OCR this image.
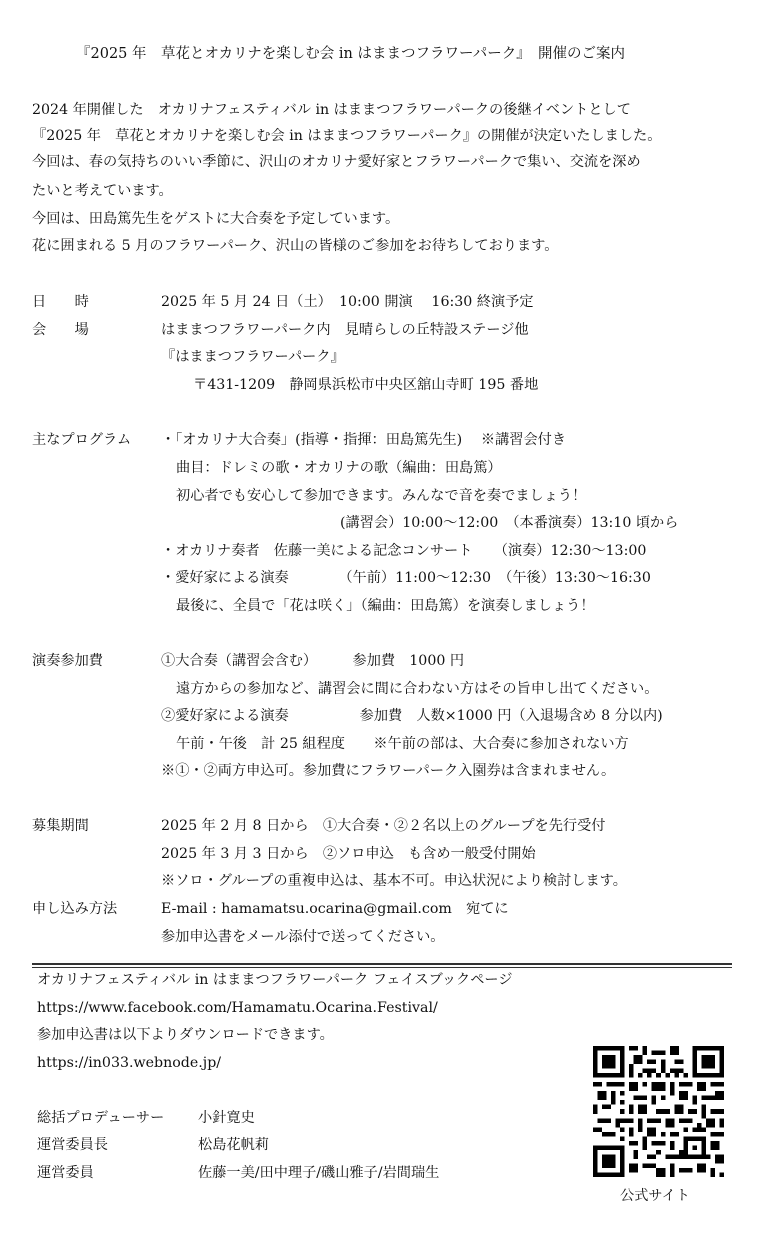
『2025 年　草花とオカリナを楽しむ会 in はままつフラワーパーク』　開催のご案内
2024 年開催した　オカリナフェスティバル in はままつフラワーパークの後継イベントとして
『2025 年　草花とオカリナを楽しむ会 in はままつフラワーパーク』の開催が決定いたしました。
今回は、春の気持ちのいい季節に、沢山のオカリナ愛好家とフラワーパークで集い、交流を深め
たいと考えています。
今回は、田島篤先生をゲストに大合奏を予定しています。
花に囲まれる 5 月のフラワーパーク、沢山の皆様のご参加をお待ちしております。
日　　時	2025 年 5 月 24 日（土）　10:00 開演　 16:30 終演予定
会　　場	はままつフラワーパーク内　見晴らしの丘特設ステージ他
『はままつフラワーパーク』
〒431-1209　静岡県浜松市中央区舘山寺町 195 番地
主なプログラム ・「オカリナ大合奏」(指導・指揮：田島篤先生)　 ※講習会付き
曲目：ドレミの歌・オカリナの歌（編曲：田島篤）
初心者でも安心して参加できます。みんなで音を奏でましょう！
(講習会）10:00～12:00　（本番演奏）13:10 頃から
・オカリナ奏者　佐藤一美による記念コンサート　　（演奏）12:30～13:00
・愛好家による演奏　　　　（午前）11:00～12:30　（午後）13:30～16:30
最後に、全員で「花は咲く」（編曲：田島篤）を演奏しましょう！
演奏参加費	①大合奏（講習会含む）　　　参加費　1000 円
遠方からの参加など、講習会に間に合わない方はその旨申し出てください。
②愛好家による演奏　　　　　参加費　人数×1000 円（入退場含め 8 分以内)
午前・午後　計 25 組程度　　※午前の部は、大合奏に参加されない方
※①・②両方申込可。参加費にフラワーパーク入園券は含まれません。
募集期間	2025 年 2 月 8 日から　①大合奏・②２名以上のグループを先行受付
2025 年 3 月 3 日から　②ソロ申込　も含め一般受付開始
※ソロ・グループの重複申込は、基本不可。申込状況により検討します。
申し込み方法	E-mail : hamamatsu.ocarina@gmail.com　宛てに
参加申込書をメール添付で送ってください。
オカリナフェスティバル in はままつフラワーパーク フェイスブックページ
https://www.facebook.com/Hamamatu.Ocarina.Festival/
参加申込書は以下よりダウンロードできます。
https://in033.webnode.jp/
総括プロデューサー 小針寛史
運営委員長	松島花帆莉
運営委員	佐藤一美/田中理子/磯山雅子/岩間瑞生
公式サイト
